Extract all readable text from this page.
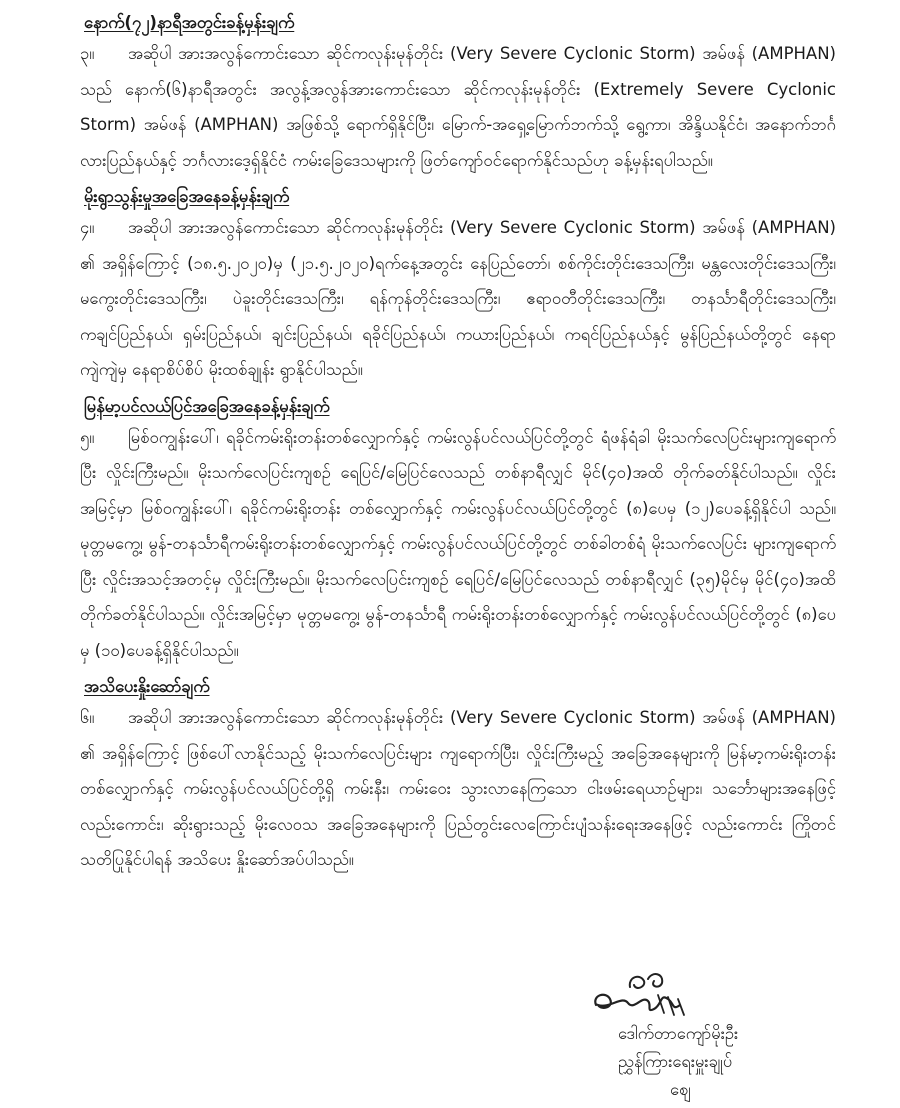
နောက်(၇၂)နာရီအတွင်းခန့်မှန်းချက်

၃။ အဆိုပါ အားအလွန်ကောင်းသော ဆိုင်ကလုန်းမုန်တိုင်း (Very Severe Cyclonic Storm) အမ်ဖန် (AMPHAN) သည် နောက်(၆)နာရီအတွင်း အလွန့်အလွန်အားကောင်းသော ဆိုင်ကလုန်းမုန်တိုင်း (Extremely Severe Cyclonic Storm) အမ်ဖန် (AMPHAN) အဖြစ်သို့ ရောက်ရှိနိုင်ပြီး၊ မြောက်-အရှေ့မြောက်ဘက်သို့ ရွေ့ကာ၊ အိန္ဒိယနိုင်ငံ၊ အနောက်ဘင်္ဂလားပြည်နယ်နှင့် ဘင်္ဂလားဒေ့ရှ်နိုင်ငံ ကမ်းခြေဒေသများကို ဖြတ်ကျော်ဝင်ရောက်နိုင်သည်ဟု ခန့်မှန်းရပါသည်။

မိုးရွာသွန်းမှုအခြေအနေခန့်မှန်းချက်

၄။ အဆိုပါ အားအလွန်ကောင်းသော ဆိုင်ကလုန်းမုန်တိုင်း (Very Severe Cyclonic Storm) အမ်ဖန် (AMPHAN) ၏ အရှိန်ကြောင့် (၁၈.၅.၂၀၂၀)မှ (၂၁.၅.၂၀၂၀)ရက်နေ့အတွင်း နေပြည်တော်၊ စစ်ကိုင်းတိုင်းဒေသကြီး၊ မန္တလေးတိုင်းဒေသကြီး၊ မကွေးတိုင်းဒေသကြီး၊ ပဲခူးတိုင်းဒေသကြီး၊ ရန်ကုန်တိုင်းဒေသကြီး၊ ဧရာဝတီတိုင်းဒေသကြီး၊ တနင်္သာရီတိုင်းဒေသကြီး၊ ကချင်ပြည်နယ်၊ ရှမ်းပြည်နယ်၊ ချင်းပြည်နယ်၊ ရခိုင်ပြည်နယ်၊ ကယားပြည်နယ်၊ ကရင်ပြည်နယ်နှင့် မွန်ပြည်နယ်တို့တွင် နေရာကျဲကျဲမှ နေရာစိပ်စိပ် မိုးထစ်ချုန်း ရွာနိုင်ပါသည်။

မြန်မာ့ပင်လယ်ပြင်အခြေအနေခန့်မှန်းချက်

၅။ မြစ်ဝကျွန်းပေါ်၊ ရခိုင်ကမ်းရိုးတန်းတစ်လျှောက်နှင့် ကမ်းလွန်ပင်လယ်ပြင်တို့တွင် ရံဖန်ရံခါ မိုးသက်လေပြင်းများကျရောက်ပြီး လှိုင်းကြီးမည်။ မိုးသက်လေပြင်းကျစဉ် ရေပြင်/မြေပြင်လေသည် တစ်နာရီလျှင် မိုင်(၄၀)အထိ တိုက်ခတ်နိုင်ပါသည်။ လှိုင်းအမြင့်မှာ မြစ်ဝကျွန်းပေါ်၊ ရခိုင်ကမ်းရိုးတန်း တစ်လျှောက်နှင့် ကမ်းလွန်ပင်လယ်ပြင်တို့တွင် (၈)ပေမှ (၁၂)ပေခန့်ရှိနိုင်ပါ သည်။ မုတ္တမကွေ့၊ မွန်-တနင်္သာရီကမ်းရိုးတန်းတစ်လျှောက်နှင့် ကမ်းလွန်ပင်လယ်ပြင်တို့တွင် တစ်ခါတစ်ရံ မိုးသက်လေပြင်း များကျရောက်ပြီး လှိုင်းအသင့်အတင့်မှ လှိုင်းကြီးမည်။ မိုးသက်လေပြင်းကျစဉ် ရေပြင်/မြေပြင်လေသည် တစ်နာရီလျှင် (၃၅)မိုင်မှ မိုင်(၄၀)အထိ တိုက်ခတ်နိုင်ပါသည်။ လှိုင်းအမြင့်မှာ မုတ္တမကွေ့၊ မွန်-တနင်္သာရီ ကမ်းရိုးတန်းတစ်လျှောက်နှင့် ကမ်းလွန်ပင်လယ်ပြင်တို့တွင် (၈)ပေမှ (၁၀)ပေခန့်ရှိနိုင်ပါသည်။

အသိပေးနှိုးဆော်ချက်

၆။ အဆိုပါ အားအလွန်ကောင်းသော ဆိုင်ကလုန်းမုန်တိုင်း (Very Severe Cyclonic Storm) အမ်ဖန် (AMPHAN) ၏ အရှိန်ကြောင့် ဖြစ်ပေါ်လာနိုင်သည့် မိုးသက်လေပြင်းများ ကျရောက်ပြီး၊ လှိုင်းကြီးမည့် အခြေအနေများကို မြန်မာ့ကမ်းရိုးတန်းတစ်လျှောက်နှင့် ကမ်းလွန်ပင်လယ်ပြင်တို့ရှိ ကမ်းနီး၊ ကမ်းဝေး သွားလာနေကြသော ငါးဖမ်းရေယာဉ်များ၊ သင်္ဘောများအနေဖြင့် လည်းကောင်း၊ ဆိုးရွားသည့် မိုးလေဝသ အခြေအနေများကို ပြည်တွင်းလေကြောင်းပျံသန်းရေးအနေဖြင့် လည်းကောင်း ကြိုတင်သတိပြုနိုင်ပါရန် အသိပေး နှိုးဆော်အပ်ပါသည်။

ဒေါက်တာကျော်မိုးဦး
ညွှန်ကြားရေးမှူးချုပ်
ဈေ
